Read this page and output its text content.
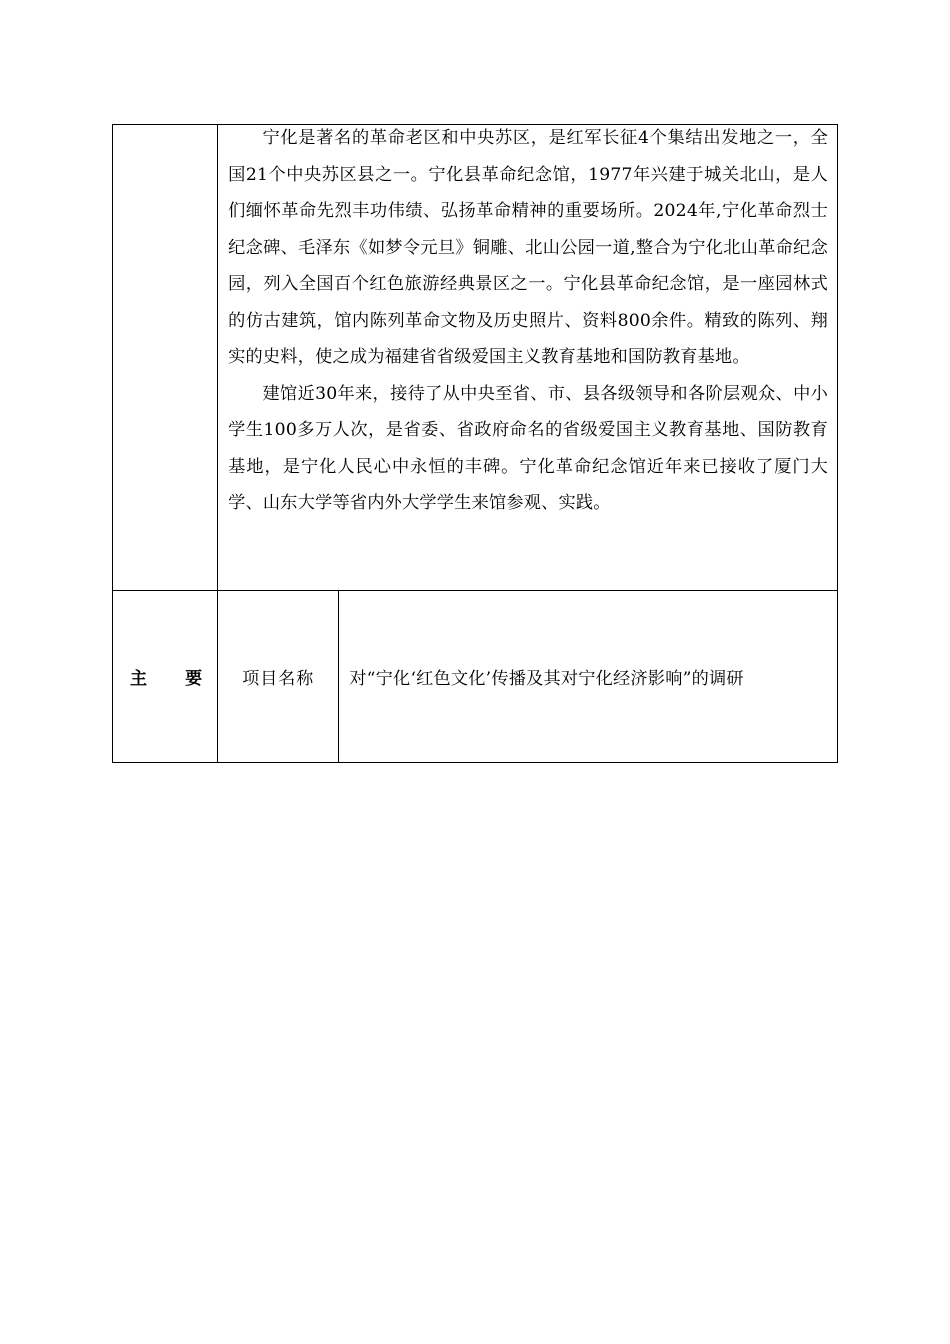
	宁化是著名的革命老区和中央苏区，是红军长征4个集结出发地之一，全国21个中央苏区县之一。宁化县革命纪念馆，1977年兴建于城关北山，是人们缅怀革命先烈丰功伟绩、弘扬革命精神的重要场所。2024年,宁化革命烈士纪念碑、毛泽东《如梦令元旦》铜雕、北山公园一道,整合为宁化北山革命纪念园，列入全国百个红色旅游经典景区之一。宁化县革命纪念馆，是一座园林式的仿古建筑，馆内陈列革命文物及历史照片、资料800余件。精致的陈列、翔实的史料，使之成为福建省省级爱国主义教育基地和国防教育基地。

建馆近30年来，接待了从中央至省、市、县各级领导和各阶层观众、中小学生100多万人次，是省委、省政府命名的省级爱国主义教育基地、国防教育基地，是宁化人民心中永恒的丰碑。宁化革命纪念馆近年来已接收了厦门大学、山东大学等省内外大学学生来馆参观、实践。	

主要	项目名称	对“宁化‘红色文化’传播及其对宁化经济影响”的调研
